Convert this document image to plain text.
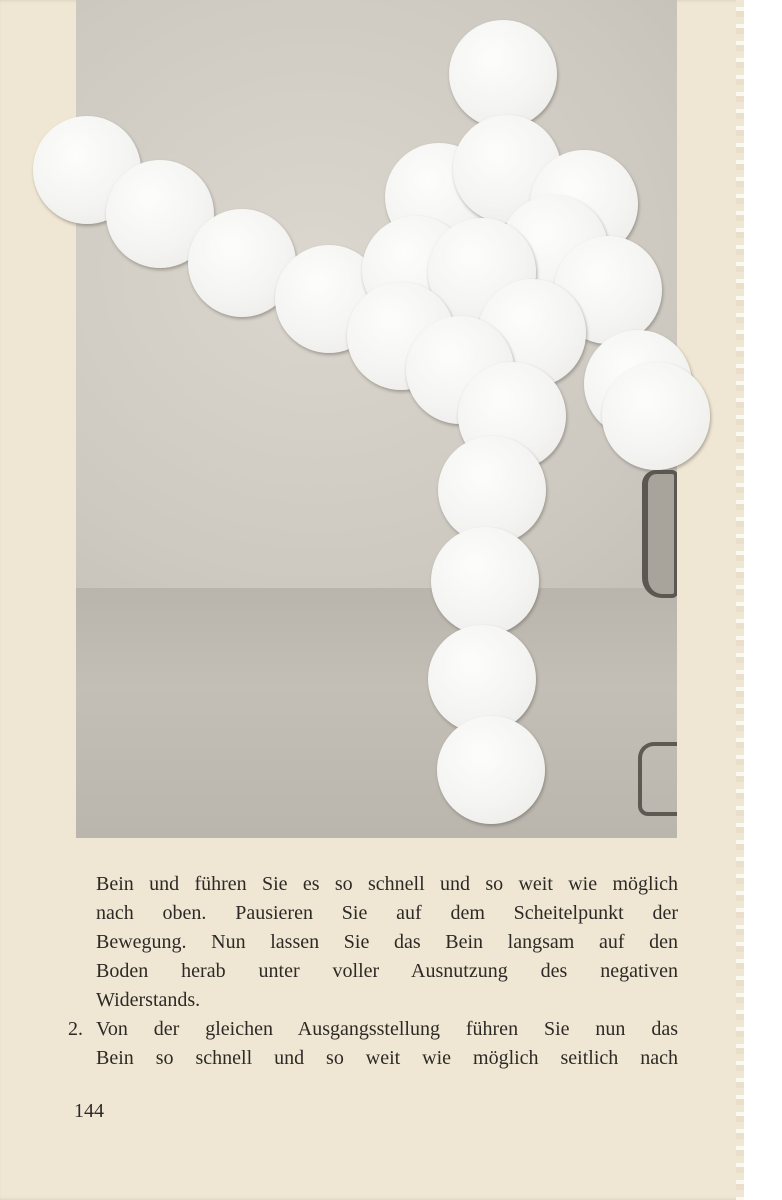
Bein und führen Sie es so schnell und so weit wie möglich
nach oben. Pausieren Sie auf dem Scheitelpunkt der
Bewegung. Nun lassen Sie das Bein langsam auf den
Boden herab unter voller Ausnutzung des negativen
Widerstands.
2. Von der gleichen Ausgangsstellung führen Sie nun das
Bein so schnell und so weit wie möglich seitlich nach
144
